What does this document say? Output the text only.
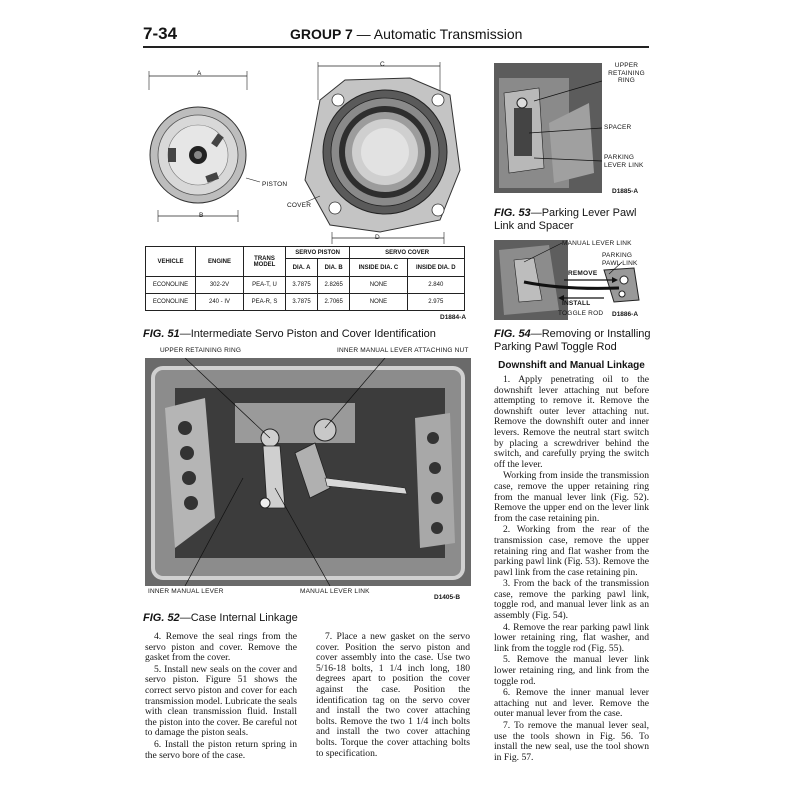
7-34	GROUP 7 — Automatic Transmission
A
B
C
D
PISTON
COVER
VEHICLE	ENGINE	TRANS MODEL	SERVO PISTON		SERVO COVER	
			DIA. A	DIA. B	INSIDE DIA. C	INSIDE DIA. D
ECONOLINE	302-2V	PEA-T, U	3.7875	2.8265	NONE	2.840
ECONOLINE	240 - IV	PEA-R, S	3.7875	2.7065	NONE	2.975
D1884-A
FIG. 51—Intermediate Servo Piston and Cover Identification
UPPER RETAINING RING	INNER MANUAL LEVER ATTACHING NUT
INNER MANUAL LEVER	MANUAL LEVER LINK
D1405-B
FIG. 52—Case Internal Linkage
UPPER RETAINING RING
SPACER
PARKING LEVER LINK
D1885-A
FIG. 53—Parking Lever Pawl Link and Spacer
MANUAL LEVER LINK
PARKING PAWL LINK
REMOVE
INSTALL
TOGGLE ROD D1886-A
FIG. 54—Removing or Installing Parking Pawl Toggle Rod

4. Remove the seal rings from the servo piston and cover. Remove the gasket from the cover.

5. Install new seals on the cover and servo piston. Figure 51 shows the correct servo piston and cover for each transmission model. Lubricate the seals with clean transmission fluid. Install the piston into the cover. Be careful not to damage the piston seals.

6. Install the piston return spring in the servo bore of the case.

7. Place a new gasket on the servo cover. Position the servo piston and cover assembly into the case. Use two 5/16-18 bolts, 1 1/4 inch long, 180 degrees apart to position the cover against the case. Position the identification tag on the servo cover and install the two cover attaching bolts. Remove the two 1 1/4 inch bolts and install the two cover attaching bolts. Torque the cover attaching bolts to specification.

Downshift and Manual Linkage

1. Apply penetrating oil to the downshift lever attaching nut before attempting to remove it. Remove the downshift outer lever attaching nut. Remove the downshift outer and inner levers. Remove the neutral start switch by placing a screwdriver behind the switch, and carefully prying the switch off the lever.

Working from inside the transmission case, remove the upper retaining ring from the manual lever link (Fig. 52). Remove the upper end on the lever link from the case retaining pin.

2. Working from the rear of the transmission case, remove the upper retaining ring and flat washer from the parking pawl link (Fig. 53). Remove the pawl link from the case retaining pin.

3. From the back of the transmission case, remove the parking pawl link, toggle rod, and manual lever link as an assembly (Fig. 54).

4. Remove the rear parking pawl link lower retaining ring, flat washer, and link from the toggle rod (Fig. 55).

5. Remove the manual lever link lower retaining ring, and link from the toggle rod.

6. Remove the inner manual lever attaching nut and lever. Remove the outer manual lever from the case.

7. To remove the manual lever seal, use the tools shown in Fig. 56. To install the new seal, use the tool shown in Fig. 57.
